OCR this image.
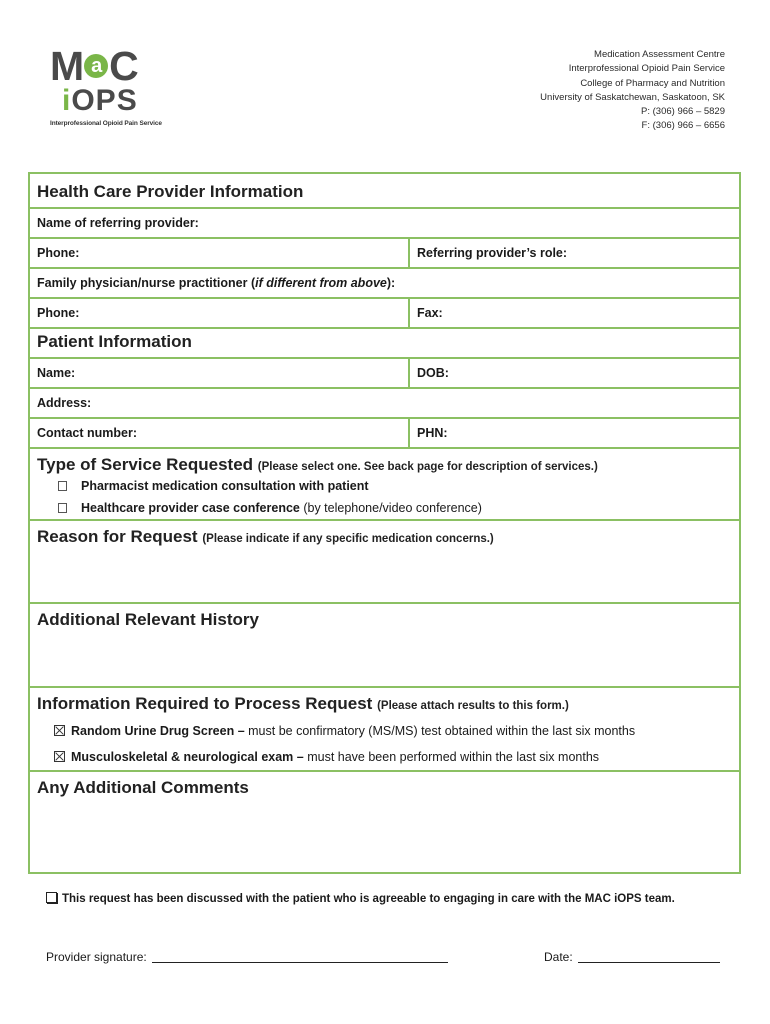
M a C
iOPS
Interprofessional Opioid Pain Service
Medication Assessment Centre
Interprofessional Opioid Pain Service
College of Pharmacy and Nutrition
University of Saskatchewan, Saskatoon, SK
P: (306) 966 – 5829
F: (306) 966 – 6656
Health Care Provider Information
Name of referring provider:
Phone:	Referring provider’s role:
Family physician/nurse practitioner (if different from above):
Phone:	Fax:
Patient Information
Name:	DOB:
Address:
Contact number:	PHN:
Type of Service Requested (Please select one. See back page for description of services.)
Pharmacist medication consultation with patient
Healthcare provider case conference (by telephone/video conference)
Reason for Request (Please indicate if any specific medication concerns.)
Additional Relevant History
Information Required to Process Request (Please attach results to this form.)
Random Urine Drug Screen – must be confirmatory (MS/MS) test obtained within the last six months
Musculoskeletal & neurological exam – must have been performed within the last six months
Any Additional Comments
This request has been discussed with the patient who is agreeable to engaging in care with the MAC iOPS team.
Provider signature:	Date:
